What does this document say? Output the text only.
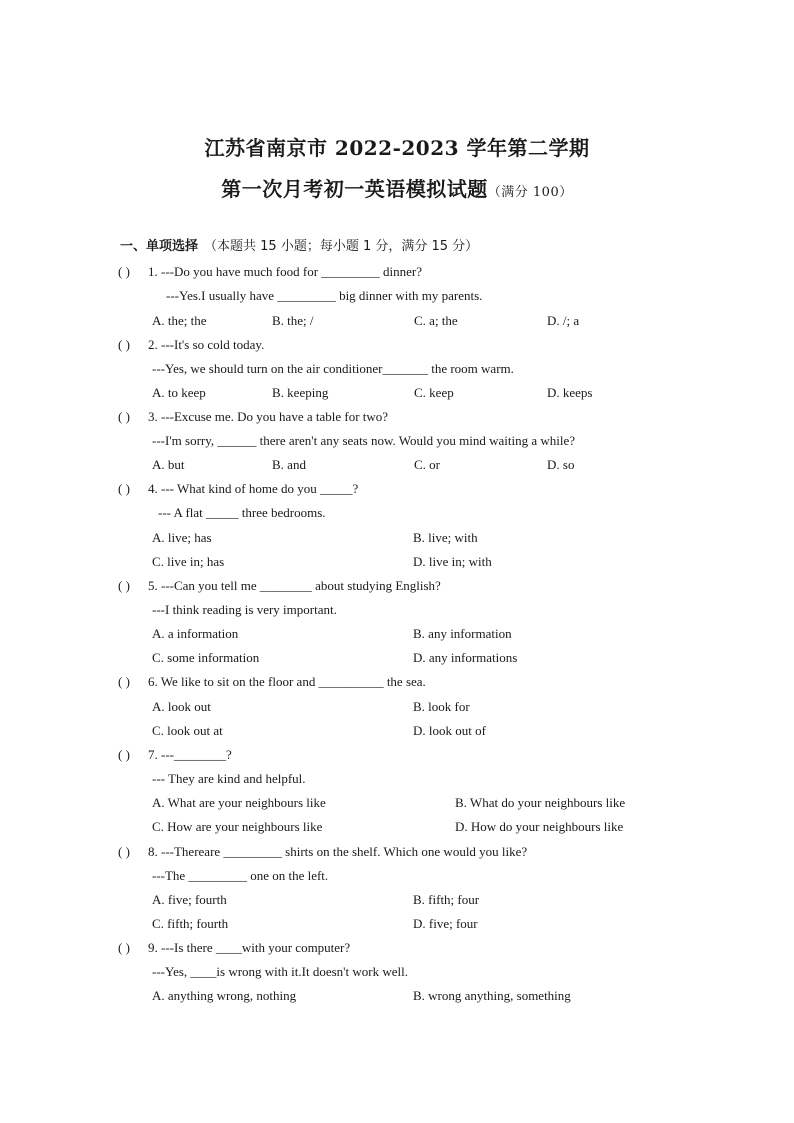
江苏省南京市 2022-2023 学年第二学期
第一次月考初一英语模拟试题（满分 100）
一、单项选择 （本题共 15 小题；每小题 1 分，满分 15 分）
( ) 1. ---Do you have much food for _________ dinner?
---Yes.I usually have _________ big dinner with my parents.
A. the; the	B. the; /	C. a; the	D. /; a
( ) 2. ---It's so cold today.
---Yes, we should turn on the air conditioner_______ the room warm.
A. to keep	B. keeping	C. keep	D. keeps
( ) 3. ---Excuse me. Do you have a table for two?
---I'm sorry, ______ there aren't any seats now. Would you mind waiting a while?
A. but	B. and	C. or	D. so
( ) 4. --- What kind of home do you _____?
--- A flat _____ three bedrooms.
A. live; has	B. live; with
C. live in; has	D. live in; with
( ) 5. ---Can you tell me ________ about studying English?
---I think reading is very important.
A. a information	B. any information
C. some information	D. any informations
( ) 6. We like to sit on the floor and __________ the sea.
A. look out	B. look for
C. look out at	D. look out of
( ) 7. ---________?
--- They are kind and helpful.
A. What are your neighbours like	B. What do your neighbours like
C. How are your neighbours like	D. How do your neighbours like
( ) 8. ---Thereare _________ shirts on the shelf. Which one would you like?
---The _________ one on the left.
A. five; fourth	B. fifth; four
C. fifth; fourth	D. five; four
( ) 9. ---Is there ____with your computer?
---Yes, ____is wrong with it.It doesn't work well.
A. anything wrong, nothing	B. wrong anything, something
